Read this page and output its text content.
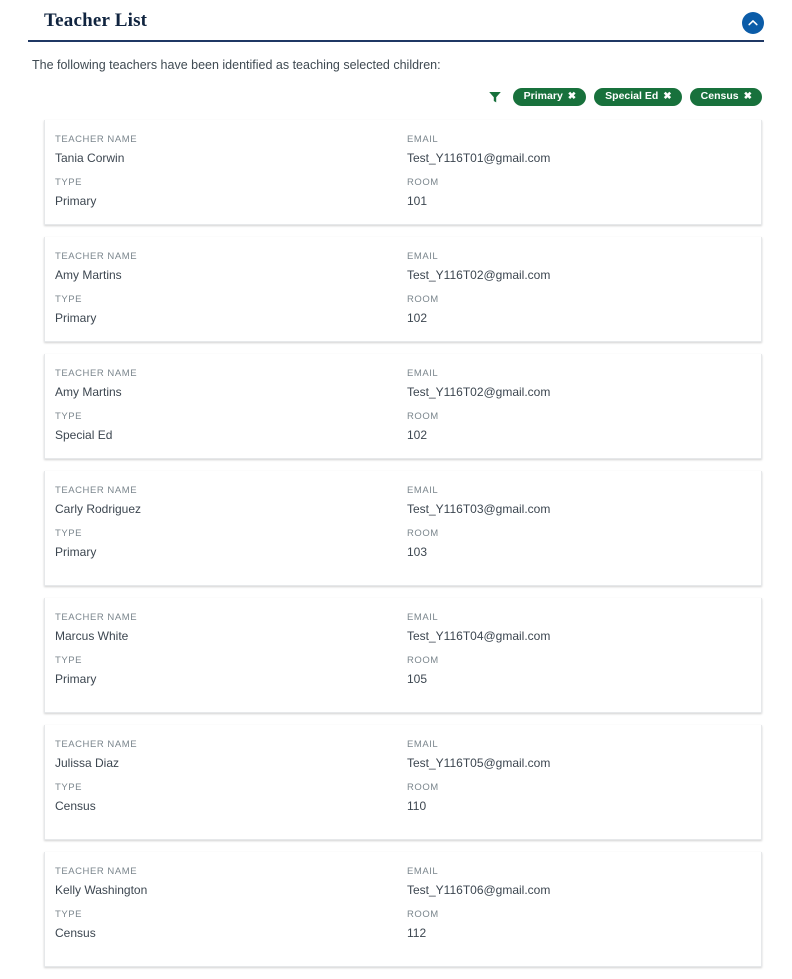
Teacher List

The following teachers have been identified as teaching selected children:

Primary ✖	Special Ed ✖	Census ✖
TEACHER NAME
Tania Corwin
EMAIL
Test_Y116T01@gmail.com
TYPE
Primary
ROOM
101
TEACHER NAME
Amy Martins
EMAIL
Test_Y116T02@gmail.com
TYPE
Primary
ROOM
102
TEACHER NAME
Amy Martins
EMAIL
Test_Y116T02@gmail.com
TYPE
Special Ed
ROOM
102
TEACHER NAME
Carly Rodriguez
EMAIL
Test_Y116T03@gmail.com
TYPE
Primary
ROOM
103
TEACHER NAME
Marcus White
EMAIL
Test_Y116T04@gmail.com
TYPE
Primary
ROOM
105
TEACHER NAME
Julissa Diaz
EMAIL
Test_Y116T05@gmail.com
TYPE
Census
ROOM
110
TEACHER NAME
Kelly Washington
EMAIL
Test_Y116T06@gmail.com
TYPE
Census
ROOM
112
